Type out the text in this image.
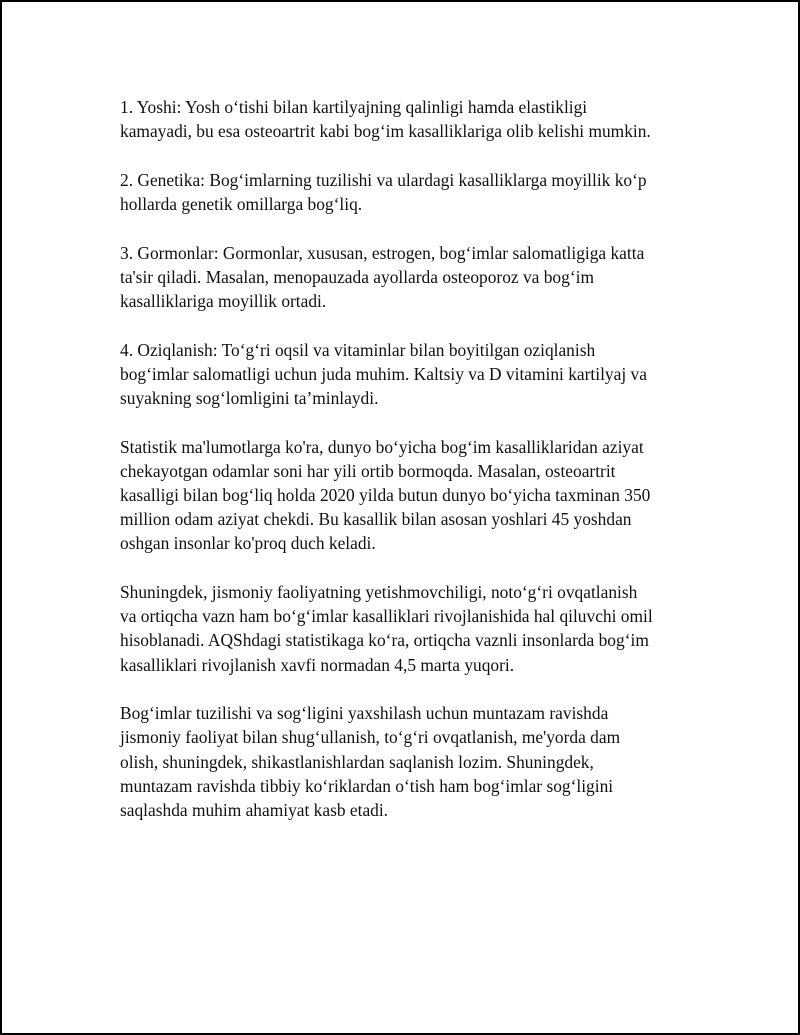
1. Yoshi: Yosh o‘tishi bilan kartilyajning qalinligi hamda elastikligi
kamayadi, bu esa osteoartrit kabi bog‘im kasalliklariga olib kelishi mumkin.

2. Genetika: Bog‘imlarning tuzilishi va ulardagi kasalliklarga moyillik ko‘p
hollarda genetik omillarga bog‘liq.

3. Gormonlar: Gormonlar, xususan, estrogen, bog‘imlar salomatligiga katta
ta'sir qiladi. Masalan, menopauzada ayollarda osteoporoz va bog‘im
kasalliklariga moyillik ortadi.

4. Oziqlanish: To‘g‘ri oqsil va vitaminlar bilan boyitilgan oziqlanish
bog‘imlar salomatligi uchun juda muhim. Kaltsiy va D vitamini kartilyaj va
suyakning sog‘lomligini ta’minlaydi.

Statistik ma'lumotlarga ko'ra, dunyo bo‘yicha bog‘im kasalliklaridan aziyat
chekayotgan odamlar soni har yili ortib bormoqda. Masalan, osteoartrit
kasalligi bilan bog‘liq holda 2020 yilda butun dunyo bo‘yicha taxminan 350
million odam aziyat chekdi. Bu kasallik bilan asosan yoshlari 45 yoshdan
oshgan insonlar ko'proq duch keladi.

Shuningdek, jismoniy faoliyatning yetishmovchiligi, noto‘g‘ri ovqatlanish
va ortiqcha vazn ham bo‘g‘imlar kasalliklari rivojlanishida hal qiluvchi omil
hisoblanadi. AQShdagi statistikaga ko‘ra, ortiqcha vaznli insonlarda bog‘im
kasalliklari rivojlanish xavfi normadan 4,5 marta yuqori.

Bog‘imlar tuzilishi va sog‘ligini yaxshilash uchun muntazam ravishda
jismoniy faoliyat bilan shug‘ullanish, to‘g‘ri ovqatlanish, me'yorda dam
olish, shuningdek, shikastlanishlardan saqlanish lozim. Shuningdek,
muntazam ravishda tibbiy ko‘riklardan o‘tish ham bog‘imlar sog‘ligini
saqlashda muhim ahamiyat kasb etadi.
